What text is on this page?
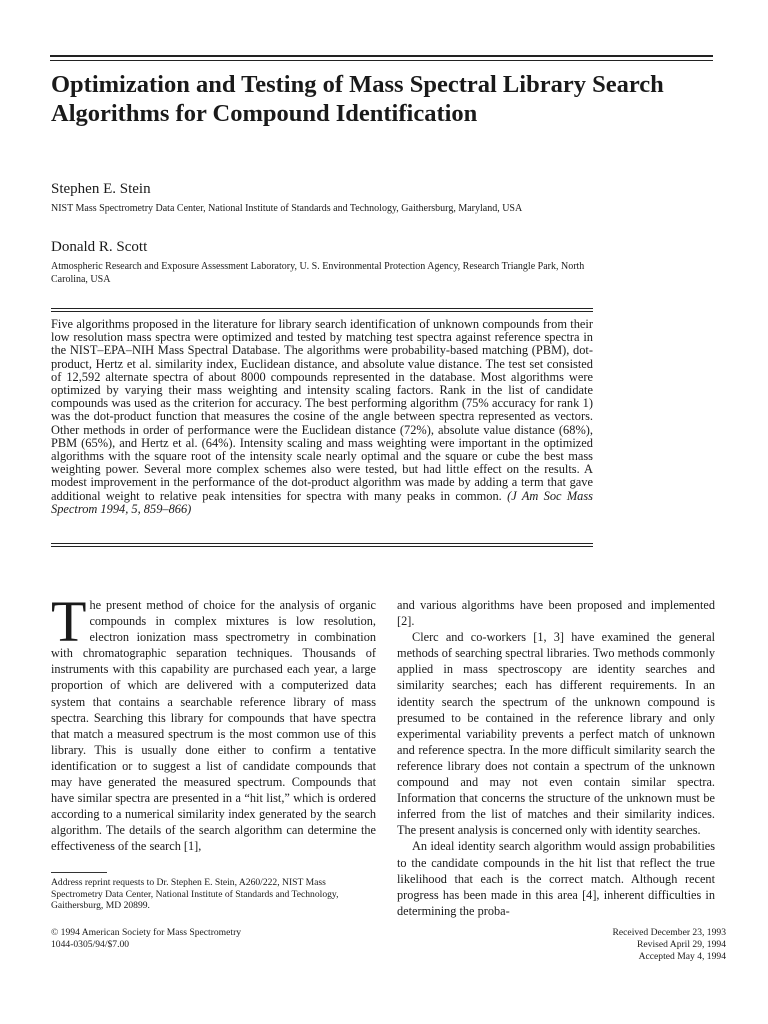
Optimization and Testing of Mass Spectral Library Search Algorithms for Compound Identification

Stephen E. Stein

NIST Mass Spectrometry Data Center, National Institute of Standards and Technology, Gaithersburg, Maryland, USA

Donald R. Scott

Atmospheric Research and Exposure Assessment Laboratory, U. S. Environmental Protection Agency, Research Triangle Park, North Carolina, USA

Five algorithms proposed in the literature for library search identification of unknown compounds from their low resolution mass spectra were optimized and tested by matching test spectra against reference spectra in the NIST–EPA–NIH Mass Spectral Database. The algorithms were probability-based matching (PBM), dot-product, Hertz et al. similarity index, Euclidean distance, and absolute value distance. The test set consisted of 12,592 alternate spectra of about 8000 compounds represented in the database. Most algorithms were optimized by varying their mass weighting and intensity scaling factors. Rank in the list of candidate compounds was used as the criterion for accuracy. The best performing algorithm (75% accuracy for rank 1) was the dot-product function that measures the cosine of the angle between spectra represented as vectors. Other methods in order of performance were the Euclidean distance (72%), absolute value distance (68%), PBM (65%), and Hertz et al. (64%). Intensity scaling and mass weighting were important in the optimized algorithms with the square root of the intensity scale nearly optimal and the square or cube the best mass weighting power. Several more complex schemes also were tested, but had little effect on the results. A modest improvement in the performance of the dot-product algorithm was made by adding a term that gave additional weight to relative peak intensities for spectra with many peaks in common. (J Am Soc Mass Spectrom 1994, 5, 859–866)

The present method of choice for the analysis of organic compounds in complex mixtures is low resolution, electron ionization mass spectrometry in combination with chromatographic separation techniques. Thousands of instruments with this capability are purchased each year, a large proportion of which are delivered with a computerized data system that contains a searchable reference library of mass spectra. Searching this library for compounds that have spectra that match a measured spectrum is the most common use of this library. This is usually done either to confirm a tentative identification or to suggest a list of candidate compounds that may have generated the measured spectrum. Compounds that have similar spectra are presented in a “hit list,” which is ordered according to a numerical similarity index generated by the search algorithm. The details of the search algorithm can determine the effectiveness of the search [1],

and various algorithms have been proposed and implemented [2].

Clerc and co-workers [1, 3] have examined the general methods of searching spectral libraries. Two methods commonly applied in mass spectroscopy are identity searches and similarity searches; each has different requirements. In an identity search the spectrum of the unknown compound is presumed to be contained in the reference library and only experimental variability prevents a perfect match of unknown and reference spectra. In the more difficult similarity search the reference library does not contain a spectrum of the unknown compound and may not even contain similar spectra. Information that concerns the structure of the unknown must be inferred from the list of matches and their similarity indices. The present analysis is concerned only with identity searches.

An ideal identity search algorithm would assign probabilities to the candidate compounds in the hit list that reflect the true likelihood that each is the correct match. Although recent progress has been made in this area [4], inherent difficulties in determining the proba-

Address reprint requests to Dr. Stephen E. Stein, A260/222, NIST Mass Spectrometry Data Center, National Institute of Standards and Technology, Gaithersburg, MD 20899.

© 1994 American Society for Mass Spectrometry
1044-0305/94/$7.00
Received December 23, 1993
Revised April 29, 1994
Accepted May 4, 1994
